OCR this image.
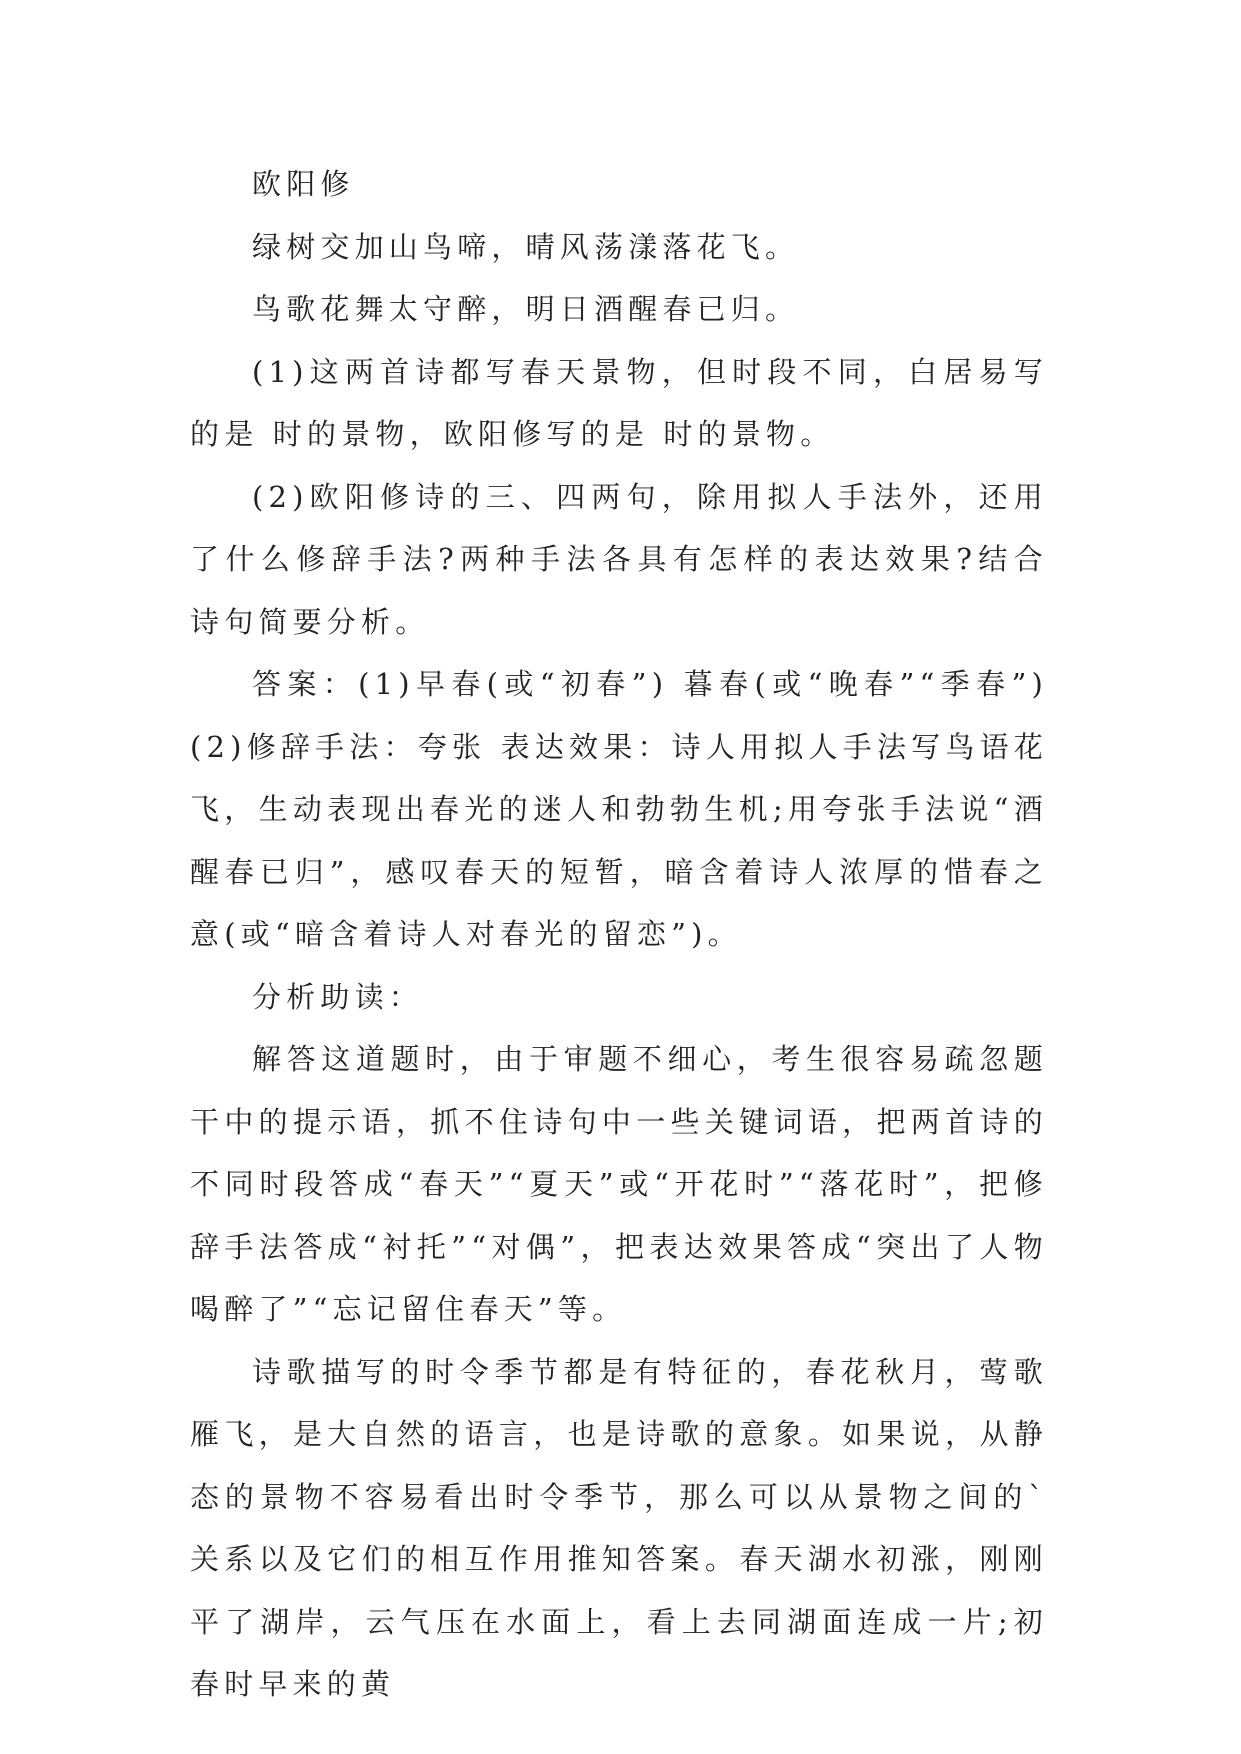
欧阳修

绿树交加山鸟啼，晴风荡漾落花飞。

鸟歌花舞太守醉，明日酒醒春已归。

(1)这两首诗都写春天景物，但时段不同，白居易写的是 时的景物，欧阳修写的是 时的景物。

(2)欧阳修诗的三、四两句，除用拟人手法外，还用了什么修辞手法?两种手法各具有怎样的表达效果?结合诗句简要分析。

答案：(1)早春(或“初春”) 暮春(或“晚春”“季春”)(2)修辞手法：夸张 表达效果：诗人用拟人手法写鸟语花飞，生动表现出春光的迷人和勃勃生机;用夸张手法说“酒醒春已归”，感叹春天的短暂，暗含着诗人浓厚的惜春之意(或“暗含着诗人对春光的留恋”)。

分析助读：

解答这道题时，由于审题不细心，考生很容易疏忽题干中的提示语，抓不住诗句中一些关键词语，把两首诗的不同时段答成“春天”“夏天”或“开花时”“落花时”，把修辞手法答成“衬托”“对偶”，把表达效果答成“突出了人物喝醉了”“忘记留住春天”等。

诗歌描写的时令季节都是有特征的，春花秋月，莺歌雁飞，是大自然的语言，也是诗歌的意象。如果说，从静态的景物不容易看出时令季节，那么可以从景物之间的`关系以及它们的相互作用推知答案。春天湖水初涨，刚刚平了湖岸，云气压在水面上，看上去同湖面连成一片;初春时早来的黄
